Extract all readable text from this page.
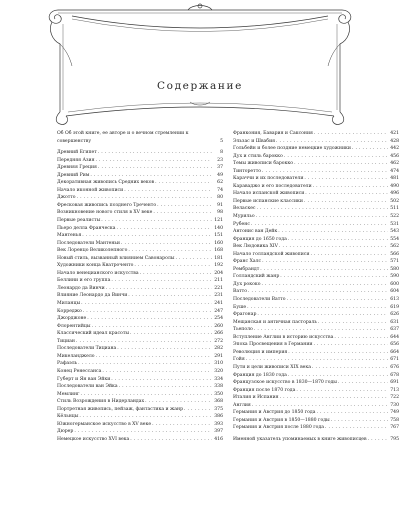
Содержание
Об Об этой книге, ее авторе и о вечном стремлении к совершенству	5
Древний Египет . . .	8
Передняя Азия . . .	23
Древняя Греция . . .	37
Древний Рим . . .	49
Декоративная живопись Средних веков . . .	62
Начало иконной живописи . . .	74
Джотто . . .	80
Фресковая живопись позднего Треченто . . .	91
Возникновение нового стиля в XV веке . . .	98
Первые реалисты . . .	121
Пьеро делла Франческа . . .	140
Мантенья . . .	151
Последователи Мантеньи . . .	160
Век Лоренцо Великолепного . . .	168
Новый стиль, вызванный влиянием Савонаролы . . .	181
Художники конца Кватроченто . . .	192
Начало венецианского искусства . . .	204
Беллини и его группа . . .	211
Леонардо да Винчи . . .	221
Влияние Леонардо да Винчи . . .	231
Миланцы . . .	241
Корреджо . . .	247
Джорджоне . . .	254
Флорентийцы . . .	260
Классический идеал красоты . . .	266
Тициан . . .	272
Последователи Тициана . . .	282
Микеланджело . . .	291
Рафаэль . . .	310
Конец Ренессанса . . .	320
Губерт и Ян ван Эйки . . .	334
Последователи ван Эйка . . .	338
Мемлинг . . .	350
Стиль Возрождения в Нидерландах . . .	368
Портретная живопись, пейзаж, фантастика и жанр . . .	375
Кёльнцы . . .	386
Южногерманское искусство в XV веке . . .	393
Дюрер . . .	397
Немецкое искусство XVI века . . .	416
Франкония, Бавария и Саксония . . .	421
Эльзас и Швабия . . .	428
Гольбейн и более поздние немецкие художники . . .	442
Дух и стиль барокко . . .	456
Темы живописи барокко . . .	462
Тинторетто . . .	474
Караччи и их последователи . . .	481
Караваджо и его последователи . . .	490
Начало испанской живописи . . .	496
Первые испанские классики . . .	502
Веласкес . . .	511
Мурильо . . .	522
Рубенс . . .	531
Антонис ван Дейк . . .	543
Франция до 1650 года . . .	554
Век Людовика XIV . . .	562
Начало голландской живописи . . .	566
Франс Халс . . .	571
Рембрандт . . .	580
Голландский жанр . . .	590
Дух рококо . . .	600
Ватто . . .	604
Последователи Ватто . . .	613
Буше . . .	619
Фрагонар . . .	626
Мещанская и античная пастораль . . .	631
Тьеполо . . .	637
Вступление Англии в историю искусства . . .	644
Эпоха Просвещения в Германии . . .	656
Революция и империя . . .	664
Гойя . . .	671
Пути и цели живописи XIX века . . .	676
Франция до 1830 года . . .	678
Французское искусство в 1830—1870 годы . . .	691
Франция после 1870 года . . .	713
Италия и Испания . . .	722
Англия . . .	730
Германия и Австрия до 1850 года . . .	749
Германия и Австрия в 1850—1880 годы . . .	758
Германия и Австрия после 1880 года . . .	767
Именной указатель упоминаемых в книге живописцев . . .	795
